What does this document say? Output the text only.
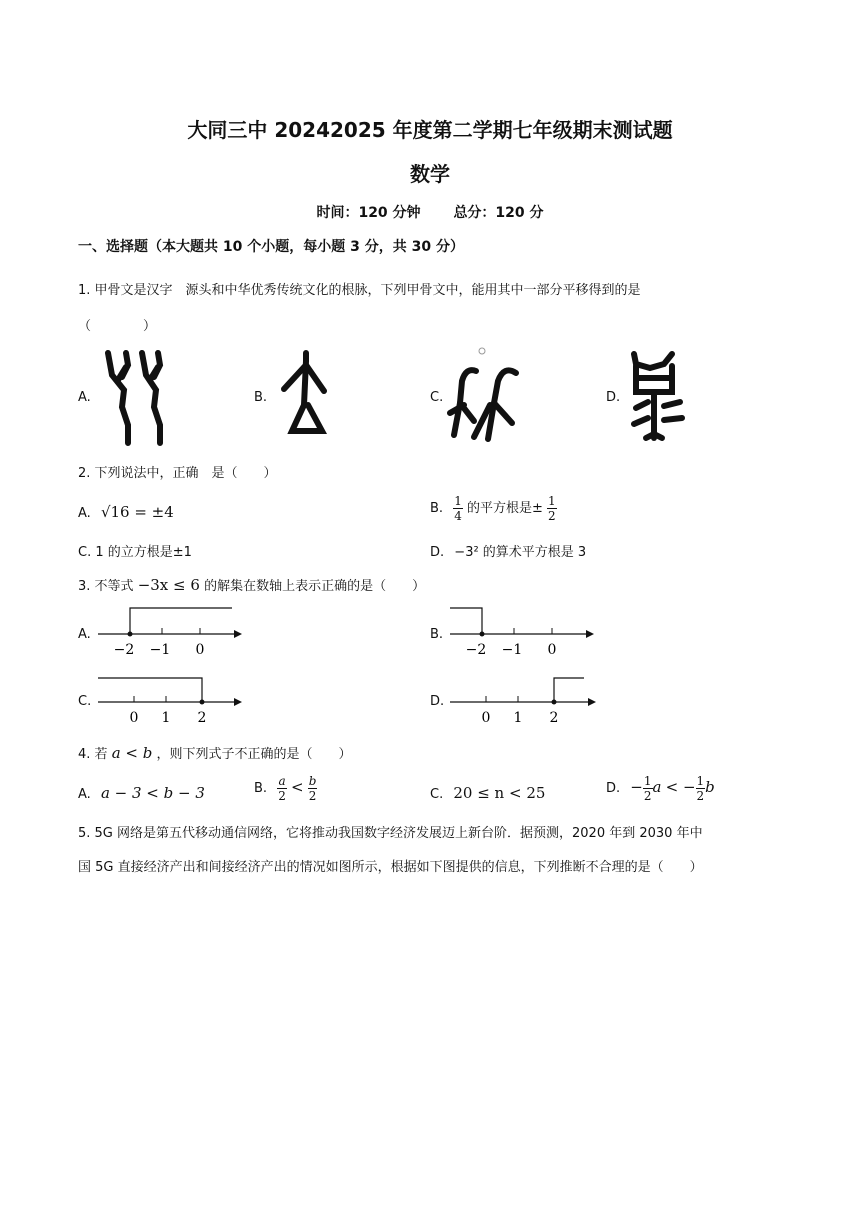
大同三中 20242025 年度第二学期七年级期末测试题
数学
时间：120 分钟 总分：120 分
一、选择题（本大题共 10 个小题，每小题 3 分，共 30 分）
1. 甲骨文是汉字　源头和中华优秀传统文化的根脉，下列甲骨文中，能用其中一部分平移得到的是
（　　　　）
A.	B.	C.	D.
2. 下列说法中，正确　是（　　）
A. √16 = ±4	B. $\frac{1}{4}$ 的平方根是± $\frac{1}{2}$
C. 1 的立方根是±1	D. −3² 的算术平方根是 3
3. 不等式 −3x ≤ 6 的解集在数轴上表示正确的是（　　）
A.
−2 −1 0
B.
−2 −1 0
C.
0 1 2
D.
0 1 2
4. 若 a < b ，则下列式子不正确的是（　　）
A. a − 3 < b − 3	B. $\frac{a}{2} < \frac{b}{2}$	C. 20 ≤ n < 25	D. − $\frac{1}{2}$ a < − $\frac{1}{2}$ b
5. 5G 网络是第五代移动通信网络，它将推动我国数字经济发展迈上新台阶．据预测，2020 年到 2030 年中
国 5G 直接经济产出和间接经济产出的情况如图所示，根据如下图提供的信息，下列推断不合理的是（　　）
